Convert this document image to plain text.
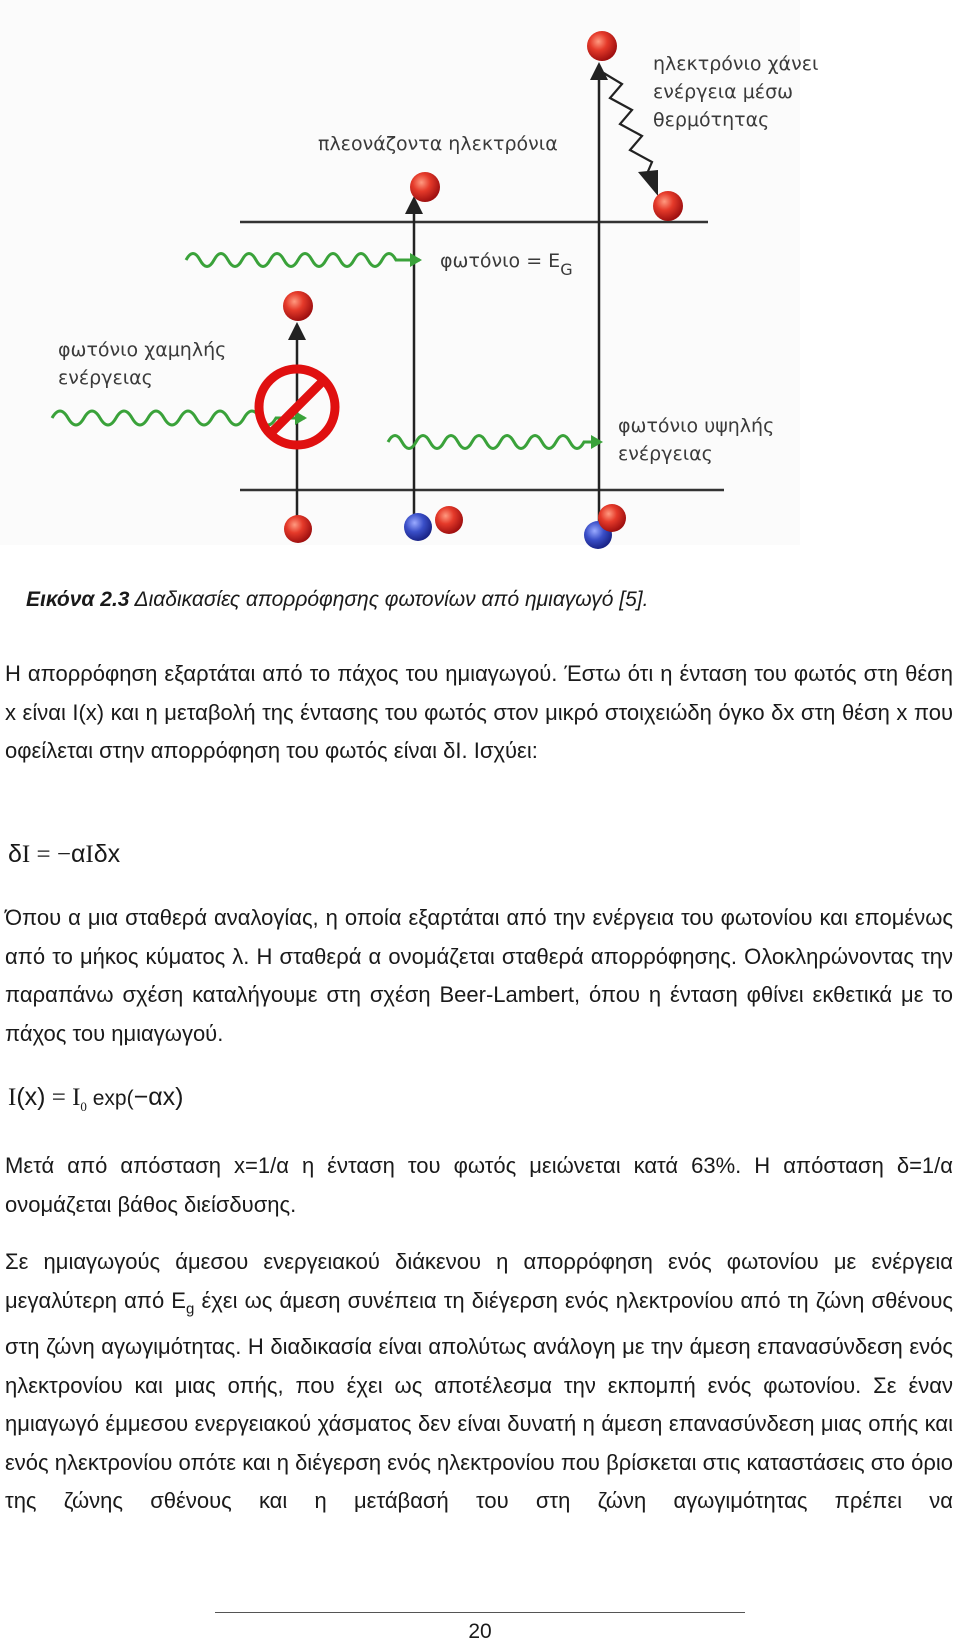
πλεονάζοντα ηλεκτρόνια
ηλεκτρόνιο χάνει
ενέργεια μέσω
θερμότητας
$\varphi\omega\tau ό\nu\iota o = E_G$
φωτόνιο χαμηλής
ενέργειας
φωτόνιο υψηλής
ενέργειας
Εικόνα 2.3 Διαδικασίες απορρόφησης φωτονίων από ημιαγωγό [5].

Η απορρόφηση εξαρτάται από το πάχος του ημιαγωγού. Έστω ότι η ένταση του φωτός στη θέση x είναι I(x) και η μεταβολή της έντασης του φωτός στον μικρό στοιχειώδη όγκο δx στη θέση x που οφείλεται στην απορρόφηση του φωτός είναι δI. Ισχύει:

δI = −αIδx

Όπου α μια σταθερά αναλογίας, η οποία εξαρτάται από την ενέργεια του φωτονίου και επομένως από το μήκος κύματος λ. Η σταθερά α ονομάζεται σταθερά απορρόφησης. Ολοκληρώνοντας την παραπάνω σχέση καταλήγουμε στη σχέση Beer-Lambert, όπου η ένταση φθίνει εκθετικά με το πάχος του ημιαγωγού.

$I(x) = I_0$ exp(−αx)

Μετά από απόσταση x=1/α η ένταση του φωτός μειώνεται κατά 63%. Η απόσταση δ=1/α ονομάζεται βάθος διείσδυσης.

Σε ημιαγωγούς άμεσου ενεργειακού διάκενου η απορρόφηση ενός φωτονίου με ενέργεια μεγαλύτερη από $E_g$ έχει ως άμεση συνέπεια τη διέγερση ενός ηλεκτρονίου από τη ζώνη σθένους στη ζώνη αγωγιμότητας. Η διαδικασία είναι απολύτως ανάλογη με την άμεση επανασύνδεση ενός ηλεκτρονίου και μιας οπής, που έχει ως αποτέλεσμα την εκπομπή ενός φωτονίου. Σε έναν ημιαγωγό έμμεσου ενεργειακού χάσματος δεν είναι δυνατή η άμεση επανασύνδεση μιας οπής και ενός ηλεκτρονίου οπότε και η διέγερση ενός ηλεκτρονίου που βρίσκεται στις καταστάσεις στο όριο της ζώνης σθένους και η μετάβασή του στη ζώνη αγωγιμότητας πρέπει να

20
